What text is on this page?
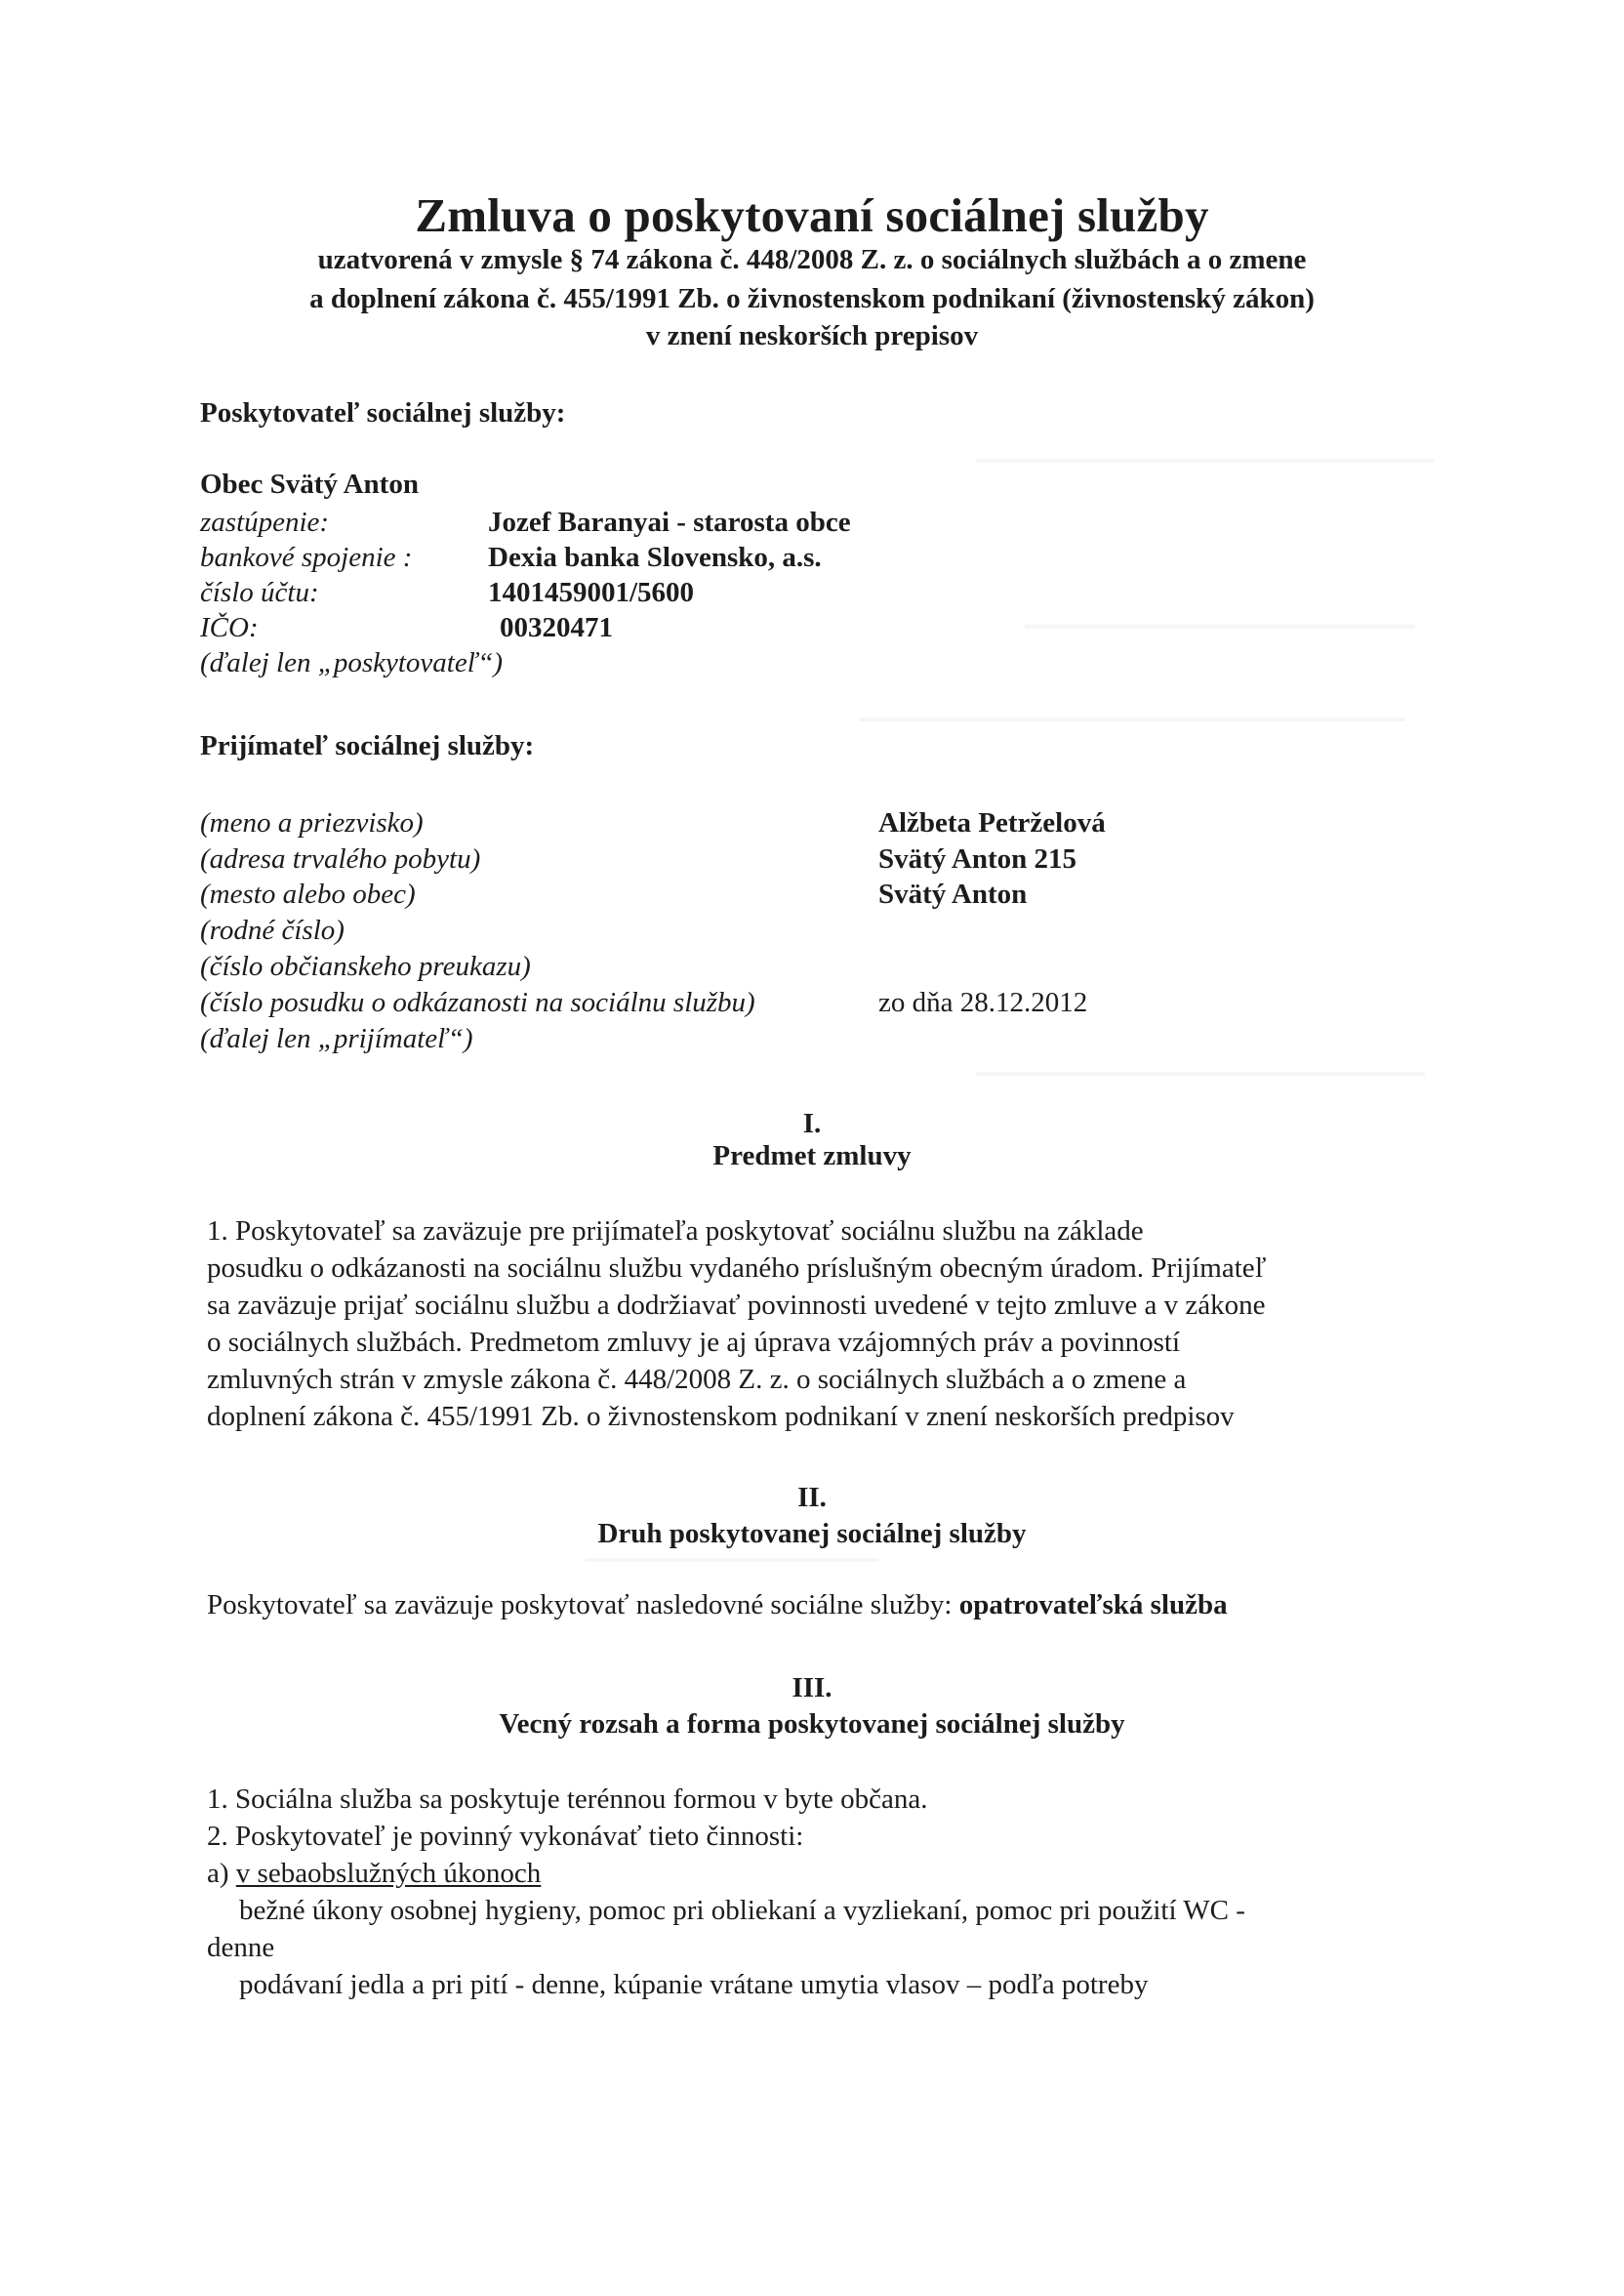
Zmluva o poskytovaní sociálnej služby
uzatvorená v zmysle § 74 zákona č. 448/2008 Z. z. o sociálnych službách a o zmene
a doplnení zákona č. 455/1991 Zb. o živnostenskom podnikaní (živnostenský zákon)
v znení neskorších prepisov
Poskytovateľ sociálnej služby:
Obec Svätý Anton
zastúpenie:	Jozef Baranyai - starosta obce
bankové spojenie :	Dexia banka Slovensko, a.s.
číslo účtu:	1401459001/5600
IČO:	00320471
(ďalej len „poskytovateľ“)
Prijímateľ sociálnej služby:
(meno a priezvisko)	Alžbeta Petrželová
(adresa trvalého pobytu)	Svätý Anton 215
(mesto alebo obec)	Svätý Anton
(rodné číslo)
(číslo občianskeho preukazu)
(číslo posudku o odkázanosti na sociálnu službu)	zo dňa 28.12.2012
(ďalej len „prijímateľ“)
I.
Predmet zmluvy
1. Poskytovateľ sa zaväzuje pre prijímateľa poskytovať sociálnu službu na základe
posudku o odkázanosti na sociálnu službu vydaného príslušným obecným úradom. Prijímateľ
sa zaväzuje prijať sociálnu službu a dodržiavať povinnosti uvedené v tejto zmluve a v zákone
o sociálnych službách. Predmetom zmluvy je aj úprava vzájomných práv a povinností
zmluvných strán v zmysle zákona č. 448/2008 Z. z. o sociálnych službách a o zmene a
doplnení zákona č. 455/1991 Zb. o živnostenskom podnikaní v znení neskorších predpisov
II.
Druh poskytovanej sociálnej služby
Poskytovateľ sa zaväzuje poskytovať nasledovné sociálne služby: opatrovateľská služba
III.
Vecný rozsah a forma poskytovanej sociálnej služby
1. Sociálna služba sa poskytuje terénnou formou v byte občana.
2. Poskytovateľ je povinný vykonávať tieto činnosti:
a) v sebaobslužných úkonoch
bežné úkony osobnej hygieny, pomoc pri obliekaní a vyzliekaní, pomoc pri použití WC -
denne
podávaní jedla a pri pití - denne, kúpanie vrátane umytia vlasov – podľa potreby
